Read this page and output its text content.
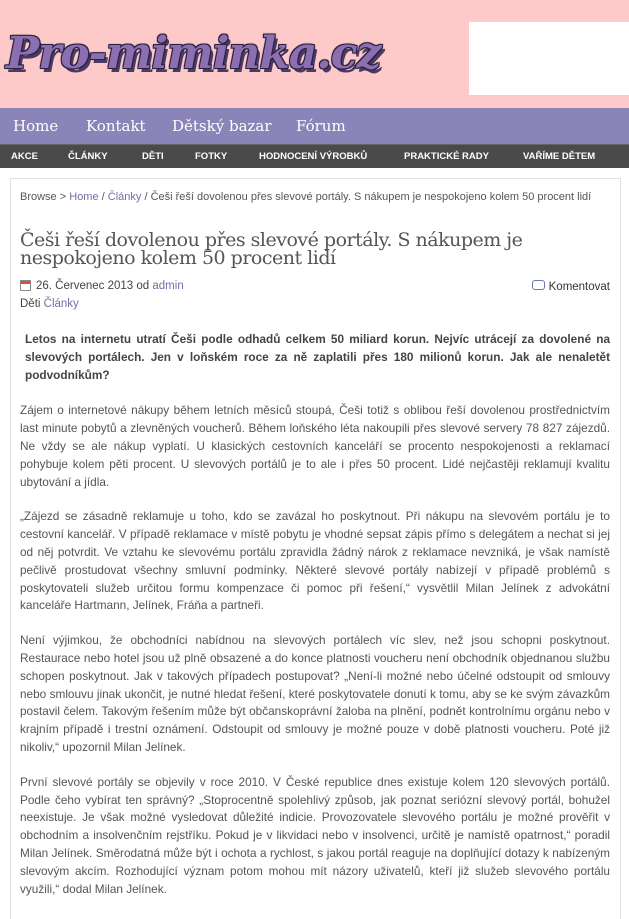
Pro-miminka.cz
Home Kontakt Dětský bazar Fórum
AKCE	ČLÁNKY	DĚTI	FOTKY	HODNOCENÍ VÝROBKŮ	PRAKTICKÉ RADY	VAŘÍME DĚTEM
Browse > Home / Články / Češi řeší dovolenou přes slevové portály. S nákupem je nespokojeno kolem 50 procent lidí
Češi řeší dovolenou přes slevové portály. S nákupem je nespokojeno kolem 50 procent lidí
26. Červenec 2013 od admin	Komentovat
Děti Články

Letos na internetu utratí Češi podle odhadů celkem 50 miliard korun. Nejvíc utrácejí za dovolené na slevových portálech. Jen v loňském roce za ně zaplatili přes 180 milionů korun. Jak ale nenaletět podvodníkům?

Zájem o internetové nákupy během letních měsíců stoupá, Češi totiž s oblibou řeší dovolenou prostřednictvím last minute pobytů a zlevněných voucherů. Během loňského léta nakoupili přes slevové servery 78 827 zájezdů. Ne vždy se ale nákup vyplatí. U klasických cestovních kanceláří se procento nespokojenosti a reklamací pohybuje kolem pěti procent. U slevových portálů je to ale i přes 50 procent. Lidé nejčastěji reklamují kvalitu ubytování a jídla.

„Zájezd se zásadně reklamuje u toho, kdo se zavázal ho poskytnout. Při nákupu na slevovém portálu je to cestovní kancelář. V případě reklamace v místě pobytu je vhodné sepsat zápis přímo s delegátem a nechat si jej od něj potvrdit. Ve vztahu ke slevovému portálu zpravidla žádný nárok z reklamace nevzniká, je však namístě pečlivě prostudovat všechny smluvní podmínky. Některé slevové portály nabízejí v případě problémů s poskytovateli služeb určitou formu kompenzace či pomoc při řešení,“ vysvětlil Milan Jelínek z advokátní kanceláře Hartmann, Jelínek, Fráňa a partneři.

Není výjimkou, že obchodníci nabídnou na slevových portálech víc slev, než jsou schopni poskytnout. Restaurace nebo hotel jsou už plně obsazené a do konce platnosti voucheru není obchodník objednanou službu schopen poskytnout. Jak v takových případech postupovat? „Není-li možné nebo účelné odstoupit od smlouvy nebo smlouvu jinak ukončit, je nutné hledat řešení, které poskytovatele donutí k tomu, aby se ke svým závazkům postavil čelem. Takovým řešením může být občanskoprávní žaloba na plnění, podnět kontrolnímu orgánu nebo v krajním případě i trestní oznámení. Odstoupit od smlouvy je možné pouze v době platnosti voucheru. Poté již nikoliv,“ upozornil Milan Jelínek.

První slevové portály se objevily v roce 2010. V České republice dnes existuje kolem 120 slevových portálů. Podle čeho vybírat ten správný? „Stoprocentně spolehlivý způsob, jak poznat seriózní slevový portál, bohužel neexistuje. Je však možné vysledovat důležité indicie. Provozovatele slevového portálu je možné prověřit v obchodním a insolvenčním rejstříku. Pokud je v likvidaci nebo v insolvenci, určitě je namístě opatrnost,“ poradil Milan Jelínek. Směrodatná může být i ochota a rychlost, s jakou portál reaguje na doplňující dotazy k nabízeným slevovým akcím. Rozhodující význam potom mohou mít názory uživatelů, kteří již služeb slevového portálu využili,“ dodal Milan Jelínek.
